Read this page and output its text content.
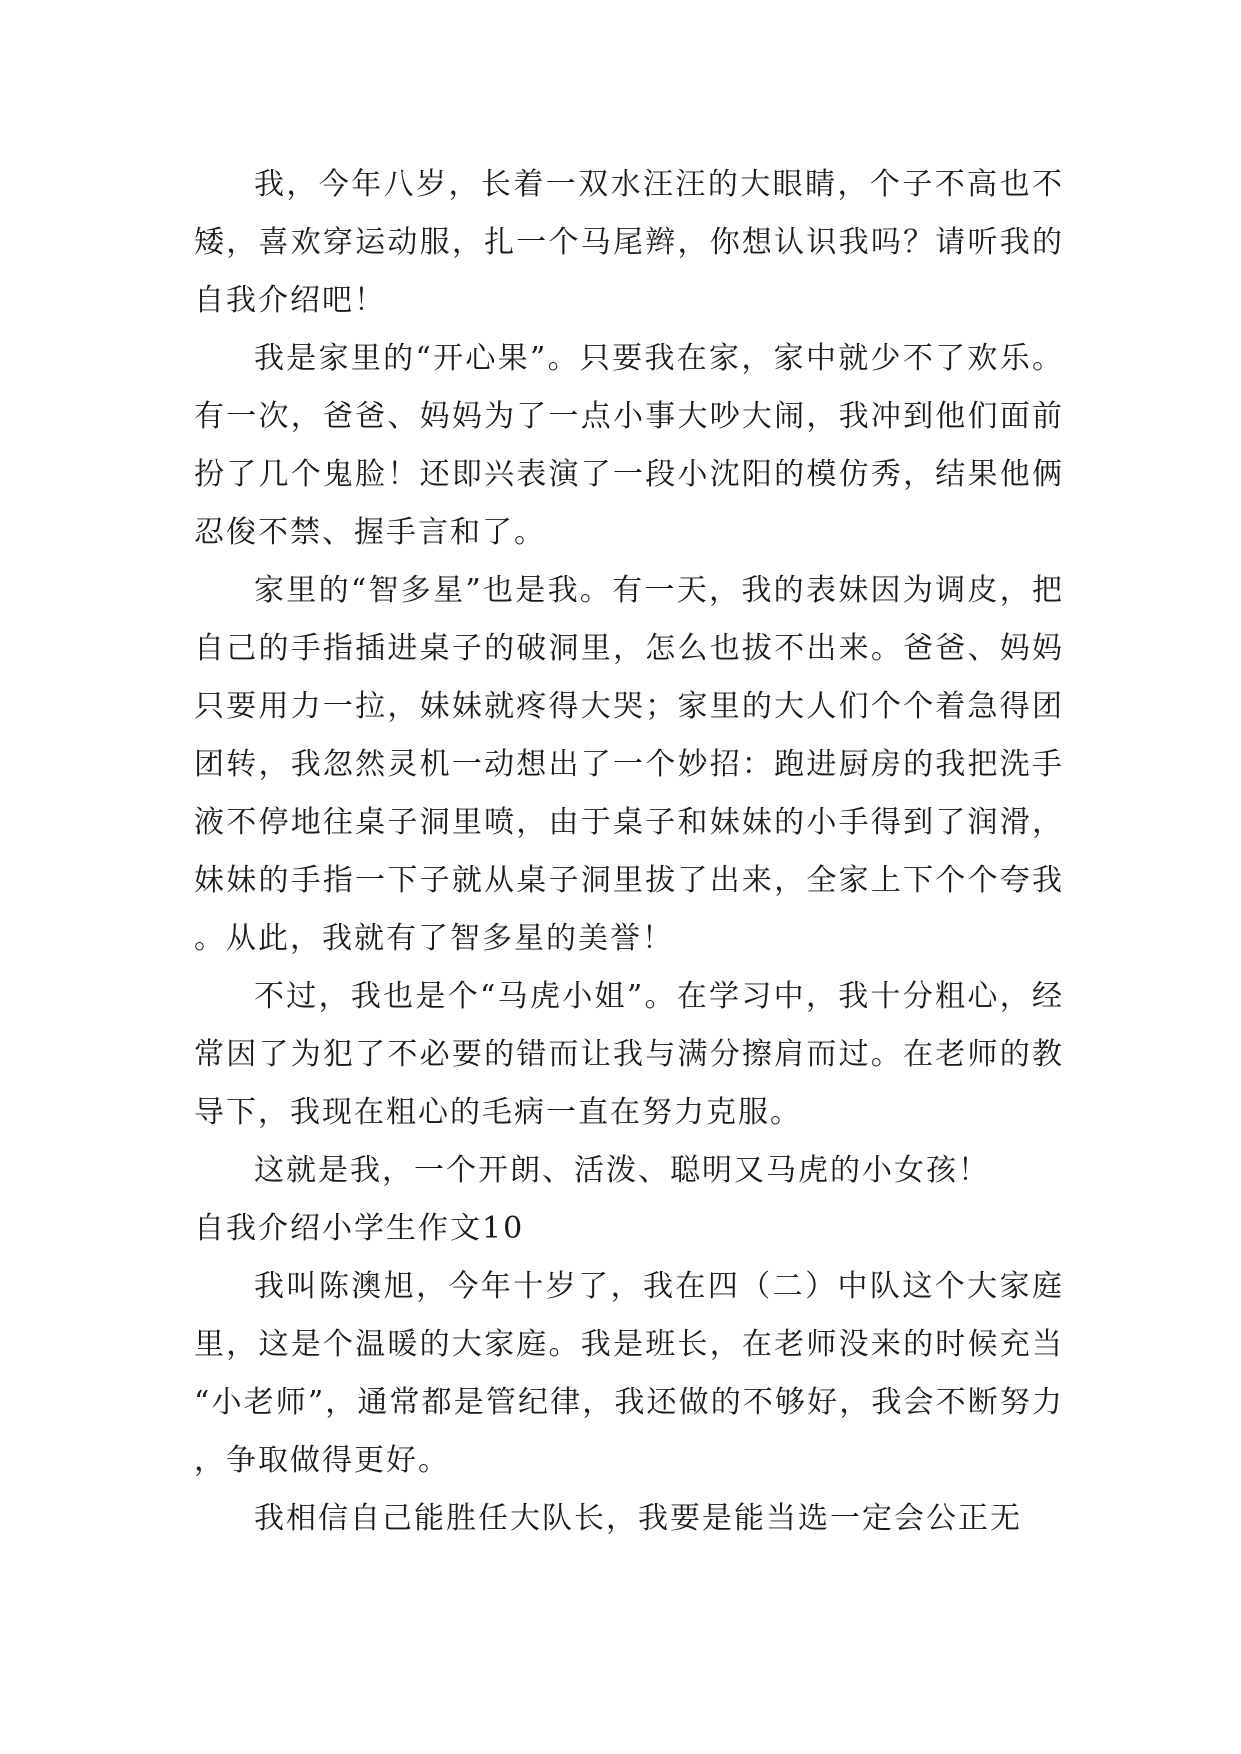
我，今年八岁，长着一双水汪汪的大眼睛，个子不高也不矮，喜欢穿运动服，扎一个马尾辫，你想认识我吗？请听我的自我介绍吧！

我是家里的“开心果”。只要我在家，家中就少不了欢乐。有一次，爸爸、妈妈为了一点小事大吵大闹，我冲到他们面前扮了几个鬼脸！还即兴表演了一段小沈阳的模仿秀，结果他俩忍俊不禁、握手言和了。

家里的“智多星”也是我。有一天，我的表妹因为调皮，把自己的手指插进桌子的破洞里，怎么也拔不出来。爸爸、妈妈只要用力一拉，妹妹就疼得大哭；家里的大人们个个着急得团团转，我忽然灵机一动想出了一个妙招：跑进厨房的我把洗手液不停地往桌子洞里喷，由于桌子和妹妹的小手得到了润滑，妹妹的手指一下子就从桌子洞里拔了出来，全家上下个个夸我。从此，我就有了智多星的美誉！

不过，我也是个“马虎小姐”。在学习中，我十分粗心，经常因了为犯了不必要的错而让我与满分擦肩而过。在老师的教导下，我现在粗心的毛病一直在努力克服。

这就是我，一个开朗、活泼、聪明又马虎的小女孩！

自我介绍小学生作文10

我叫陈澳旭，今年十岁了，我在四（二）中队这个大家庭里，这是个温暖的大家庭。我是班长，在老师没来的时候充当“小老师”，通常都是管纪律，我还做的不够好，我会不断努力，争取做得更好。

我相信自己能胜任大队长，我要是能当选一定会公正无
